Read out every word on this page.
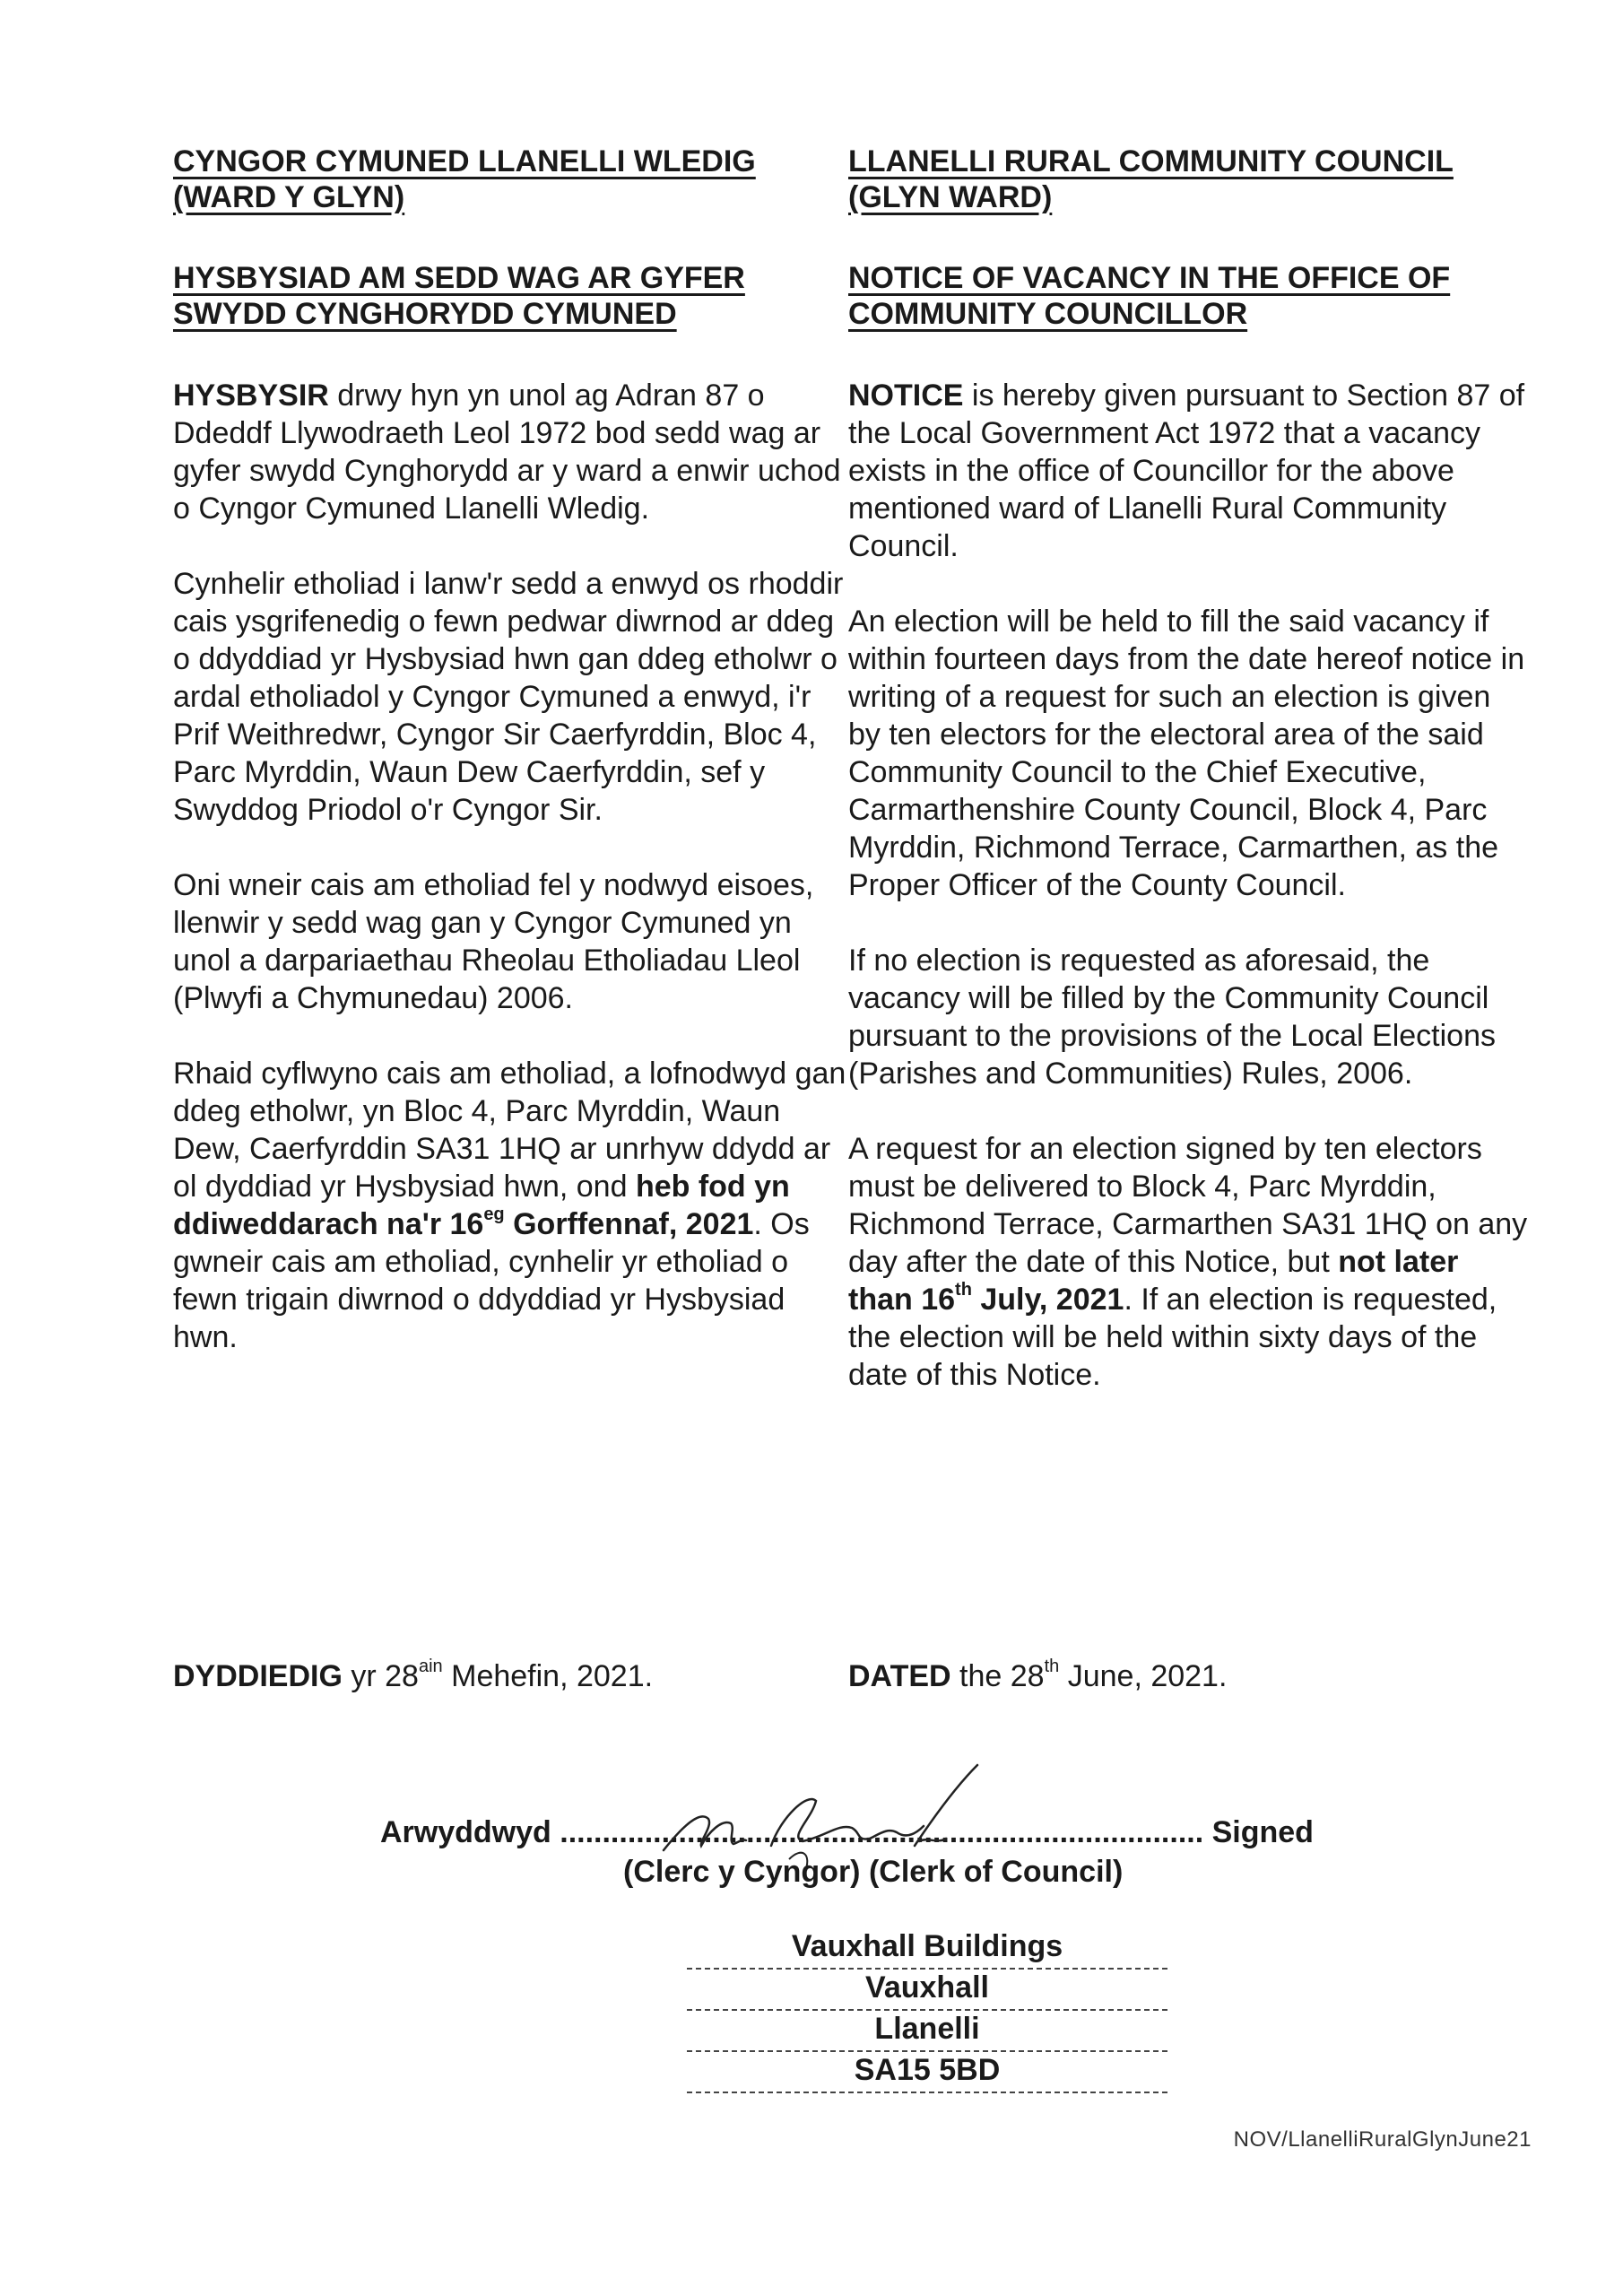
CYNGOR CYMUNED LLANELLI WLEDIG (WARD Y GLYN)

HYSBYSIAD AM SEDD WAG AR GYFER SWYDD CYNGHORYDD CYMUNED

HYSBYSIR drwy hyn yn unol ag Adran 87 o Ddeddf Llywodraeth Leol 1972 bod sedd wag ar gyfer swydd Cynghorydd ar y ward a enwir uchod o Cyngor Cymuned Llanelli Wledig.

Cynhelir etholiad i lanw'r sedd a enwyd os rhoddir cais ysgrifenedig o fewn pedwar diwrnod ar ddeg o ddyddiad yr Hysbysiad hwn gan ddeg etholwr o ardal etholiadol y Cyngor Cymuned a enwyd, i'r Prif Weithredwr, Cyngor Sir Caerfyrddin, Bloc 4, Parc Myrddin, Waun Dew Caerfyrddin, sef y Swyddog Priodol o'r Cyngor Sir.

Oni wneir cais am etholiad fel y nodwyd eisoes, llenwir y sedd wag gan y Cyngor Cymuned yn unol a darpariaethau Rheolau Etholiadau Lleol (Plwyfi a Chymunedau) 2006.

Rhaid cyflwyno cais am etholiad, a lofnodwyd gan ddeg etholwr, yn Bloc 4, Parc Myrddin, Waun Dew, Caerfyrddin SA31 1HQ ar unrhyw ddydd ar ol dyddiad yr Hysbysiad hwn, ond heb fod yn ddiweddarach na'r $16^{eg}$ Gorffennaf, 2021. Os gwneir cais am etholiad, cynhelir yr etholiad o fewn trigain diwrnod o ddyddiad yr Hysbysiad hwn.

LLANELLI RURAL COMMUNITY COUNCIL (GLYN WARD)

NOTICE OF VACANCY IN THE OFFICE OF COMMUNITY COUNCILLOR

NOTICE is hereby given pursuant to Section 87 of the Local Government Act 1972 that a vacancy exists in the office of Councillor for the above mentioned ward of Llanelli Rural Community Council.

An election will be held to fill the said vacancy if within fourteen days from the date hereof notice in writing of a request for such an election is given by ten electors for the electoral area of the said Community Council to the Chief Executive, Carmarthenshire County Council, Block 4, Parc Myrddin, Richmond Terrace, Carmarthen, as the Proper Officer of the County Council.

If no election is requested as aforesaid, the vacancy will be filled by the Community Council pursuant to the provisions of the Local Elections (Parishes and Communities) Rules, 2006.

A request for an election signed by ten electors must be delivered to Block 4, Parc Myrddin, Richmond Terrace, Carmarthen SA31 1HQ on any day after the date of this Notice, but not later than 16th July, 2021. If an election is requested, the election will be held within sixty days of the date of this Notice.

DYDDIEDIG yr $28^{ain}$ Mehefin, 2021.	DATED the 28th June, 2021.
Arwyddwyd ............................................................................ Signed
(Clerc y Cyngor) (Clerk of Council)
Vauxhall Buildings
Vauxhall
Llanelli
SA15 5BD
NOV/LlanelliRuralGlynJune21
